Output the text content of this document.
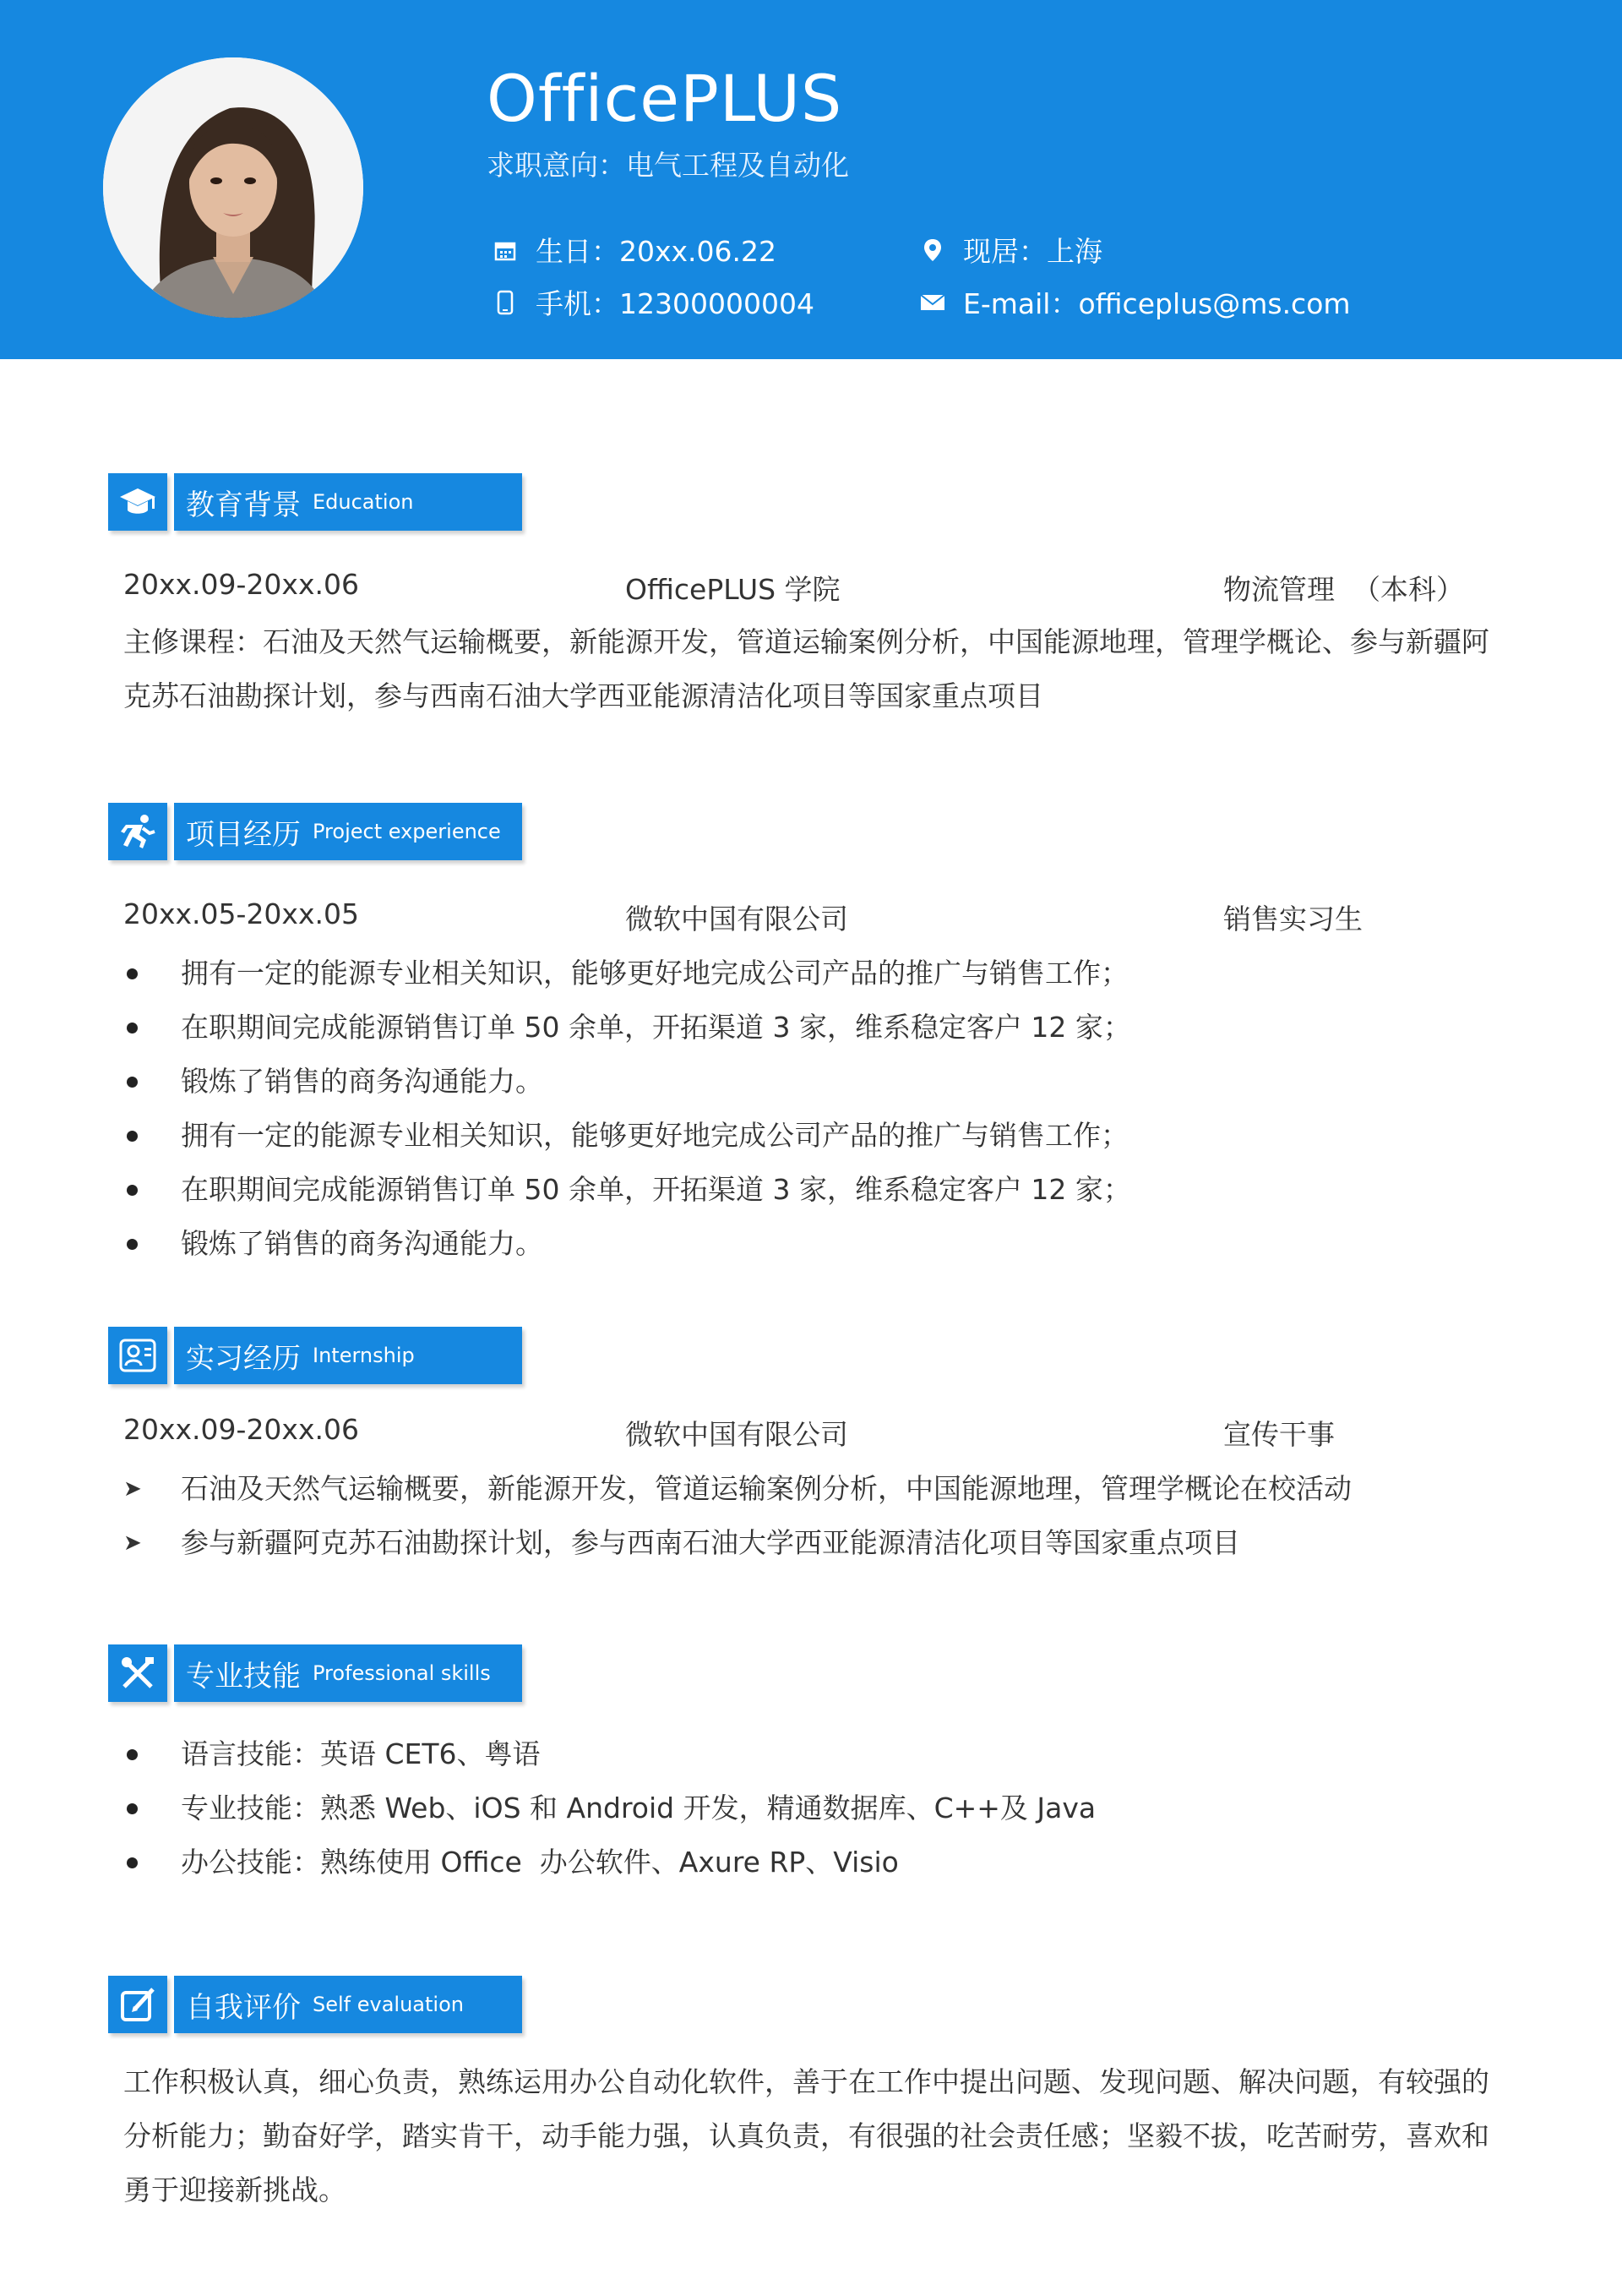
OfficePLUS
求职意向：电气工程及自动化
生日：20xx.06.22
手机：12300000004
现居：上海
E-mail：officeplus@ms.com
教育背景 Education
20xx.09-20xx.06	OfficePLUS 学院	物流管理  （本科）
主修课程：石油及天然气运输概要，新能源开发，管道运输案例分析，中国能源地理，管理学概论、参与新疆阿克苏石油勘探计划，参与西南石油大学西亚能源清洁化项目等国家重点项目
项目经历 Project experience
20xx.05-20xx.05	微软中国有限公司	销售实习生
拥有一定的能源专业相关知识，能够更好地完成公司产品的推广与销售工作；
在职期间完成能源销售订单 50 余单，开拓渠道 3 家，维系稳定客户 12 家；
锻炼了销售的商务沟通能力。
拥有一定的能源专业相关知识，能够更好地完成公司产品的推广与销售工作；
在职期间完成能源销售订单 50 余单，开拓渠道 3 家，维系稳定客户 12 家；
锻炼了销售的商务沟通能力。
实习经历 Internship
20xx.09-20xx.06	微软中国有限公司	宣传干事
➤ 石油及天然气运输概要，新能源开发，管道运输案例分析，中国能源地理，管理学概论在校活动
➤ 参与新疆阿克苏石油勘探计划，参与西南石油大学西亚能源清洁化项目等国家重点项目
专业技能 Professional skills
语言技能：英语 CET6、粤语
专业技能：熟悉 Web、iOS 和 Android 开发，精通数据库、C++及 Java
办公技能：熟练使用 Office  办公软件、Axure RP、Visio
自我评价 Self evaluation
工作积极认真，细心负责，熟练运用办公自动化软件，善于在工作中提出问题、发现问题、解决问题，有较强的分析能力；勤奋好学，踏实肯干，动手能力强，认真负责，有很强的社会责任感；坚毅不拔，吃苦耐劳，喜欢和勇于迎接新挑战。
